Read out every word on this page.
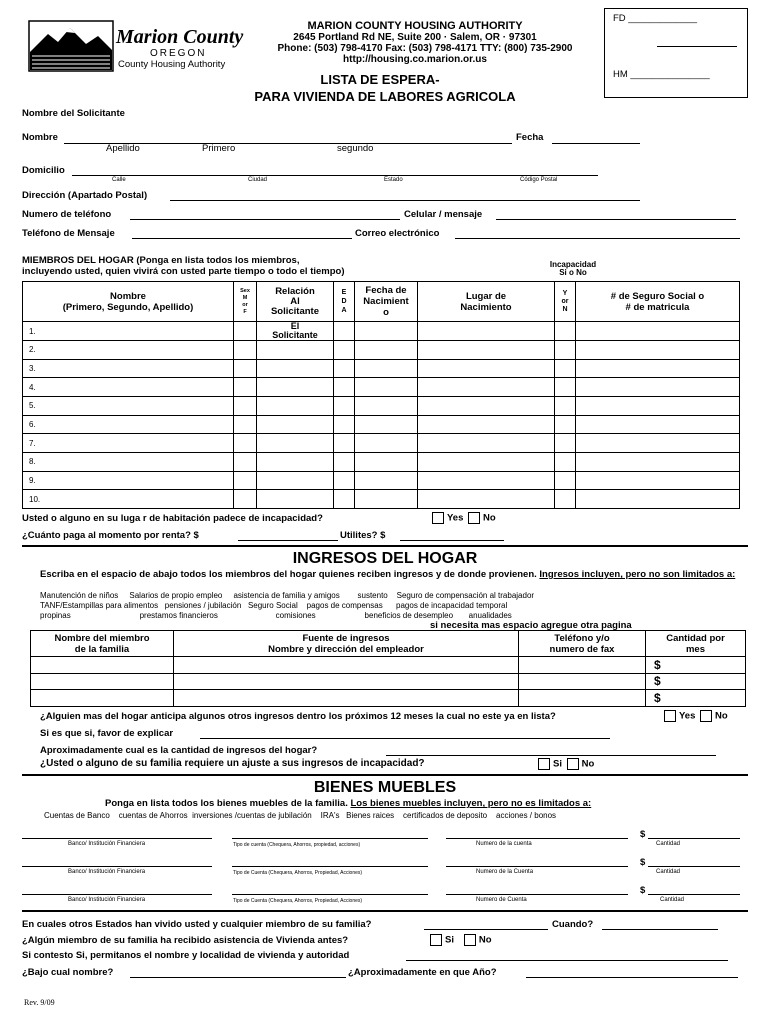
Marion County
OREGON
County Housing Authority
MARION COUNTY HOUSING AUTHORITY
2645 Portland Rd NE, Suite 200 · Salem, OR · 97301
Phone: (503) 798-4170 Fax: (503) 798-4171 TTY: (800) 735-2900
http://housing.co.marion.or.us
FD _____________
HM _______________
LISTA DE ESPERA-
PARA VIVIENDA DE LABORES AGRICOLA
Nombre del Solicitante
Nombre	Fecha
Apellido	Primero	segundo
Domicilio
Calle	Ciudad	Estado	Código Postal
Dirección (Apartado Postal)
Numero de teléfono	Celular / mensaje
Teléfono de Mensaje	Correo electrónico
MIEMBROS DEL HOGAR (Ponga en lista todos los miembros,
incluyendo usted, quien vivirá con usted parte tiempo o todo el tiempo)
Incapacidad
Si o No
Nombre
(Primero, Segundo, Apellido)	Sex
M
or
F	Relación
Al
Solicitante	E
D
A	Fecha de
Nacimient
o	Lugar de
Nacimiento	Y
or
N	# de Seguro Social o
# de matricula
1.		El
Solicitante					
2.							
3.							
4.							
5.							
6.							
7.							
8.							
9.							
10.							
Usted o alguno en su luga r de habitación padece de incapacidad?	Yes No
¿Cuánto paga al momento por renta? $	Utilites? $
INGRESOS DEL HOGAR
Escriba en el espacio de abajo todos los miembros del hogar quienes reciben ingresos y de donde provienen. Ingresos incluyen, pero no son limitados a:
Manutención de niños     Salarios de propio empleo     asistencia de familia y amigos        sustento    Seguro de compensación al trabajador
TANF/Estampillas para alimentos   pensiones / jubilación   Seguro Social    pagos de compensas      pagos de incapacidad temporal
propinas                               prestamos financieros                          comisiones                      beneficios de desempleo       anualidades
si necesita mas espacio agregue otra pagina
Nombre del miembro
de la familia	Fuente de ingresos
Nombre y dirección del empleador	Teléfono y/o
numero de fax	Cantidad por
mes
			$
			$
			$
¿Alguien mas del hogar anticipa algunos otros ingresos dentro los próximos 12 meses la cual no este ya en lista?	Yes No
Si es que si, favor de explicar
Aproximadamente cual es la cantidad de ingresos del hogar?
¿Usted o alguno de su familia requiere un ajuste a sus ingresos de incapacidad?	Si No
BIENES MUEBLES
Ponga en lista todos los bienes muebles de la familia. Los bienes muebles incluyen, pero no es limitados a:
Cuentas de Banco    cuentas de Ahorros  inversiones /cuentas de jubilación    IRA's   Bienes raices    certificados de deposito    acciones / bonos
$
Banco/ Institución Financiera	Tipo de cuenta (Chequera, Ahorros, propiedad, acciones)	Numero de la cuenta	Cantidad
$
Banco/ Institución Financiera	Tipo de Cuenta (Chequera, Ahorros, Propiedad, Acciones)	Numero de la Cuenta	Cantidad
$
Banco/ Institución Financiera	Tipo de Cuenta (Chequera, Ahorros, Propiedad, Acciones)	Numero de Cuenta	Cantidad
En cuales otros Estados han vivido usted y cualquier miembro de su familia?	Cuando?
¿Algún miembro de su familia ha recibido asistencia de Vivienda antes?	Si	No
Si contesto Si, permitanos el nombre y localidad de vivienda y autoridad
¿Bajo cual nombre?	¿Aproximadamente en que Año?
Rev. 9/09
